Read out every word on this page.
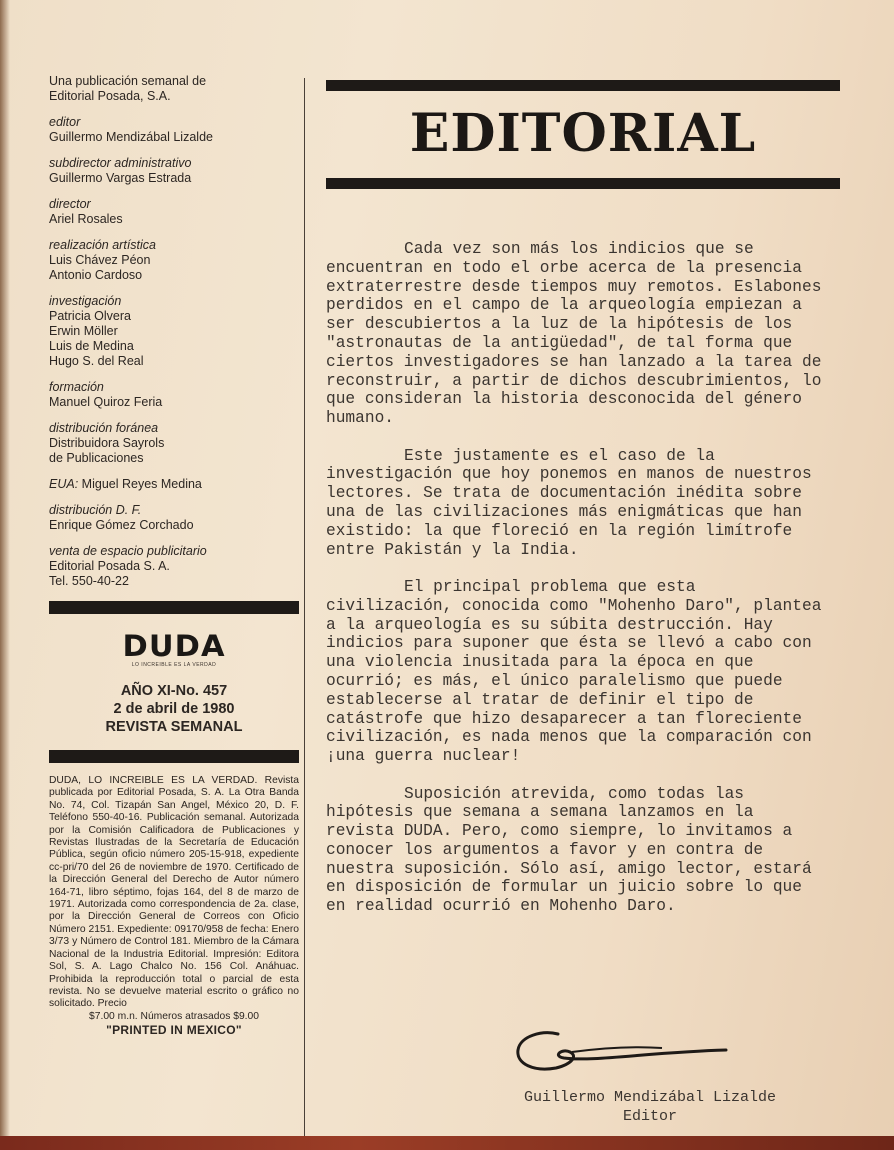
Una publicación semanal de Editorial Posada, S.A.
editor
Guillermo Mendizábal Lizalde
subdirector administrativo
Guillermo Vargas Estrada
director
Ariel Rosales
realización artística
Luis Chávez Péon
Antonio Cardoso
investigación
Patricia Olvera
Erwin Möller
Luis de Medina
Hugo S. del Real
formación
Manuel Quiroz Feria
distribución foránea
Distribuidora Sayrols
de Publicaciones
EUA: Miguel Reyes Medina
distribución D. F.
Enrique Gómez Corchado
venta de espacio publicitario
Editorial Posada S. A.
Tel. 550-40-22
DUDA
LO INCREIBLE ES LA VERDAD
AÑO XI-No. 457
2 de abril de 1980
REVISTA SEMANAL
DUDA, LO INCREIBLE ES LA VERDAD. Revista publicada por Editorial Posada, S. A. La Otra Banda No. 74, Col. Tizapán San Angel, México 20, D. F. Teléfono 550-40-16. Publicación semanal. Autorizada por la Comisión Calificadora de Publicaciones y Revistas Ilustradas de la Secretaría de Educación Pública, según oficio número 205-15-918, expediente cc-pri/70 del 26 de noviembre de 1970. Certificado de la Dirección General del Derecho de Autor número 164-71, libro séptimo, fojas 164, del 8 de marzo de 1971. Autorizada como correspondencia de 2a. clase, por la Dirección General de Correos con Oficio Número 2151. Expediente: 09170/958 de fecha: Enero 3/73 y Número de Control 181. Miembro de la Cámara Nacional de la Industria Editorial. Impresión: Editora Sol, S. A. Lago Chalco No. 156 Col. Anáhuac. Prohibida la reproducción total o parcial de esta revista. No se devuelve material escrito o gráfico no solicitado. Precio
$7.00 m.n. Números atrasados $9.00
"PRINTED IN MEXICO"
EDITORIAL

Cada vez son más los indicios que se encuentran en todo el orbe acerca de la presencia extraterrestre desde tiempos muy remotos. Eslabones perdidos en el campo de la arqueología empiezan a ser descubiertos a la luz de la hipótesis de los "astronautas de la antigüedad", de tal forma que ciertos investigadores se han lanzado a la tarea de reconstruir, a partir de dichos descubrimientos, lo que consideran la historia desconocida del género humano.

Este justamente es el caso de la investigación que hoy ponemos en manos de nuestros lectores. Se trata de documentación inédita sobre una de las civilizaciones más enigmáticas que han existido: la que floreció en la región limítrofe entre Pakistán y la India.

El principal problema que esta civilización, conocida como "Mohenho Daro", plantea a la arqueología es su súbita destrucción. Hay indicios para suponer que ésta se llevó a cabo con una violencia inusitada para la época en que ocurrió; es más, el único paralelismo que puede establecerse al tratar de definir el tipo de catástrofe que hizo desaparecer a tan floreciente civilización, es nada menos que la comparación con ¡una guerra nuclear!

Suposición atrevida, como todas las hipótesis que semana a semana lanzamos en la revista DUDA. Pero, como siempre, lo invitamos a conocer los argumentos a favor y en contra de nuestra suposición. Sólo así, amigo lector, estará en disposición de formular un juicio sobre lo que en realidad ocurrió en Mohenho Daro.

Guillermo Mendizábal Lizalde
Editor
